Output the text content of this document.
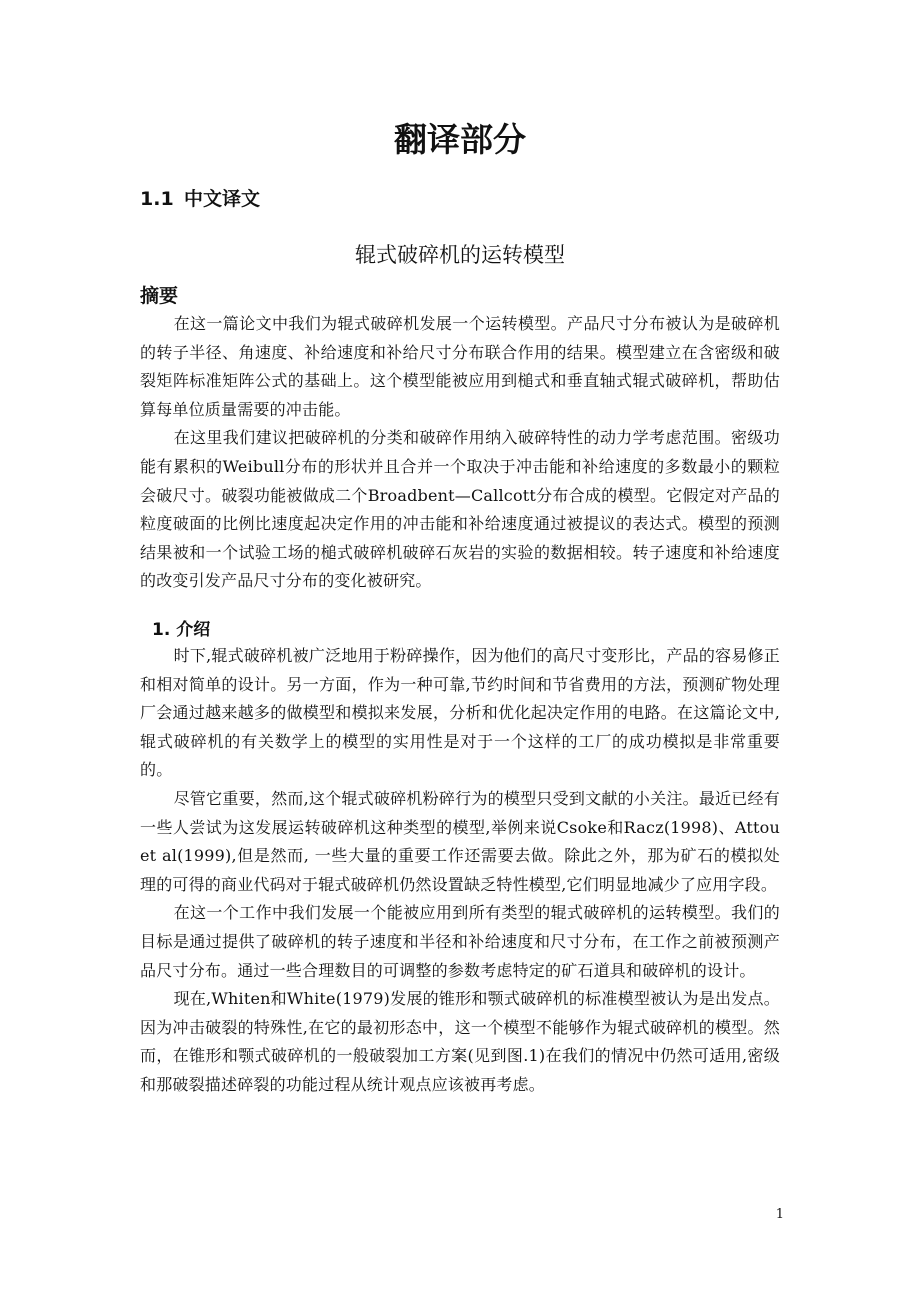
翻译部分
1.1 中文译文
辊式破碎机的运转模型
摘要

在这一篇论文中我们为辊式破碎机发展一个运转模型。产品尺寸分布被认为是破碎机的转子半径、角速度、补给速度和补给尺寸分布联合作用的结果。模型建立在含密级和破裂矩阵标准矩阵公式的基础上。这个模型能被应用到槌式和垂直轴式辊式破碎机，帮助估算每单位质量需要的冲击能。

在这里我们建议把破碎机的分类和破碎作用纳入破碎特性的动力学考虑范围。密级功能有累积的Weibull分布的形状并且合并一个取决于冲击能和补给速度的多数最小的颗粒会破尺寸。破裂功能被做成二个Broadbent—Callcott分布合成的模型。它假定对产品的粒度破面的比例比速度起决定作用的冲击能和补给速度通过被提议的表达式。模型的预测结果被和一个试验工场的槌式破碎机破碎石灰岩的实验的数据相较。转子速度和补给速度的改变引发产品尺寸分布的变化被研究。

1. 介绍

时下,辊式破碎机被广泛地用于粉碎操作，因为他们的高尺寸变形比，产品的容易修正和相对简单的设计。另一方面，作为一种可靠,节约时间和节省费用的方法，预测矿物处理厂会通过越来越多的做模型和模拟来发展，分析和优化起决定作用的电路。在这篇论文中,辊式破碎机的有关数学上的模型的实用性是对于一个这样的工厂的成功模拟是非常重要的。

尽管它重要，然而,这个辊式破碎机粉碎行为的模型只受到文献的小关注。最近已经有一些人尝试为这发展运转破碎机这种类型的模型,举例来说Csoke和Racz(1998)、Attou et al(1999),但是然而, 一些大量的重要工作还需要去做。除此之外，那为矿石的模拟处理的可得的商业代码对于辊式破碎机仍然设置缺乏特性模型,它们明显地减少了应用字段。

在这一个工作中我们发展一个能被应用到所有类型的辊式破碎机的运转模型。我们的目标是通过提供了破碎机的转子速度和半径和补给速度和尺寸分布，在工作之前被预测产品尺寸分布。通过一些合理数目的可调整的参数考虑特定的矿石道具和破碎机的设计。

现在,Whiten和White(1979)发展的锥形和颚式破碎机的标准模型被认为是出发点。因为冲击破裂的特殊性,在它的最初形态中，这一个模型不能够作为辊式破碎机的模型。然而，在锥形和颚式破碎机的一般破裂加工方案(见到图.1)在我们的情况中仍然可适用,密级和那破裂描述碎裂的功能过程从统计观点应该被再考虑。

1
